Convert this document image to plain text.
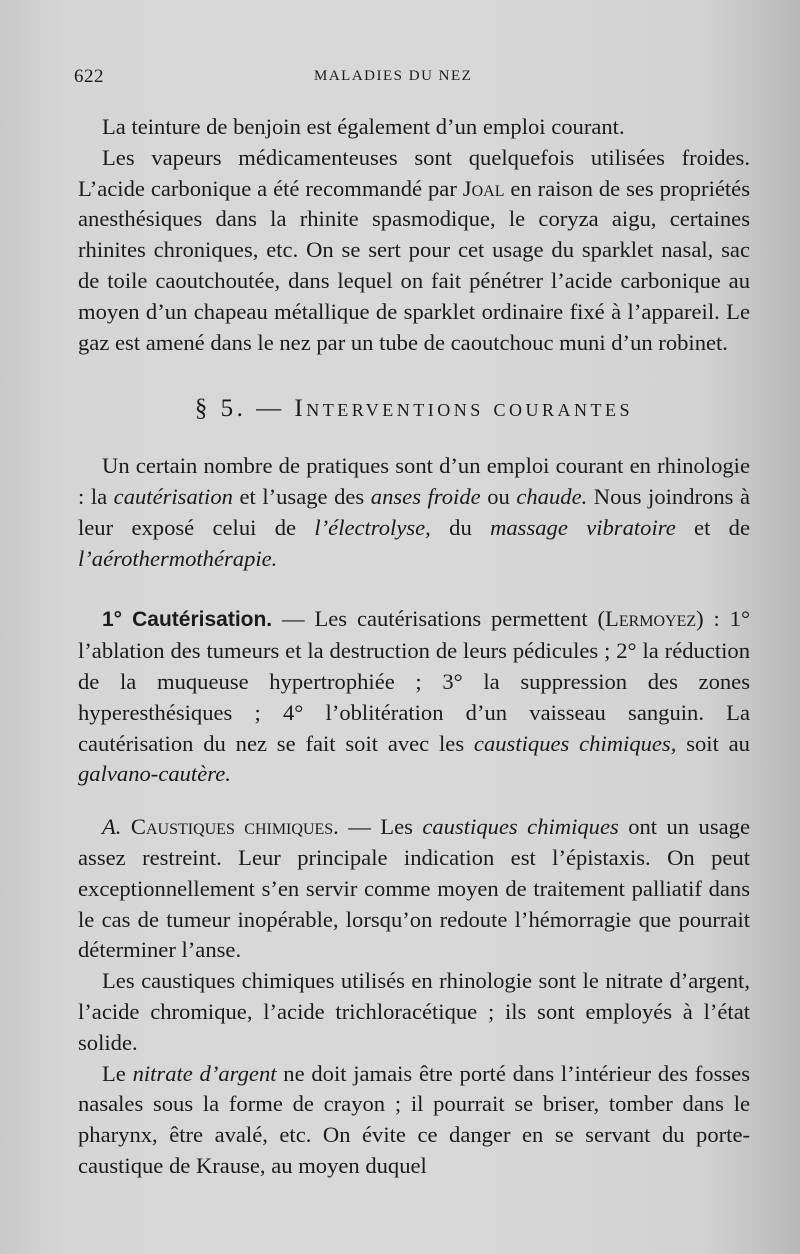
622	MALADIES DU NEZ

La teinture de benjoin est également d’un emploi courant.

Les vapeurs médicamenteuses sont quelquefois utilisées froides. L’acide carbonique a été recommandé par Joal en raison de ses propriétés anesthésiques dans la rhinite spasmodique, le coryza aigu, certaines rhinites chroniques, etc. On se sert pour cet usage du sparklet nasal, sac de toile caoutchoutée, dans lequel on fait pénétrer l’acide carbonique au moyen d’un chapeau métallique de sparklet ordinaire fixé à l’appareil. Le gaz est amené dans le nez par un tube de caoutchouc muni d’un robinet.

§ 5. — Interventions courantes

Un certain nombre de pratiques sont d’un emploi courant en rhinologie : la cautérisation et l’usage des anses froide ou chaude. Nous joindrons à leur exposé celui de l’électrolyse, du massage vibratoire et de l’aérothermothérapie.

1° Cautérisation. — Les cautérisations permettent (Lermoyez) : 1° l’ablation des tumeurs et la destruction de leurs pédicules ; 2° la réduction de la muqueuse hypertrophiée ; 3° la suppression des zones hyperesthésiques ; 4° l’oblitération d’un vaisseau sanguin. La cautérisation du nez se fait soit avec les caustiques chimiques, soit au galvano-cautère.

A. Caustiques chimiques. — Les caustiques chimiques ont un usage assez restreint. Leur principale indication est l’épistaxis. On peut exceptionnellement s’en servir comme moyen de traitement palliatif dans le cas de tumeur inopérable, lorsqu’on redoute l’hémorragie que pourrait déterminer l’anse.

Les caustiques chimiques utilisés en rhinologie sont le nitrate d’argent, l’acide chromique, l’acide trichloracétique ; ils sont employés à l’état solide.

Le nitrate d’argent ne doit jamais être porté dans l’intérieur des fosses nasales sous la forme de crayon ; il pourrait se briser, tomber dans le pharynx, être avalé, etc. On évite ce danger en se servant du porte-caustique de Krause, au moyen duquel
